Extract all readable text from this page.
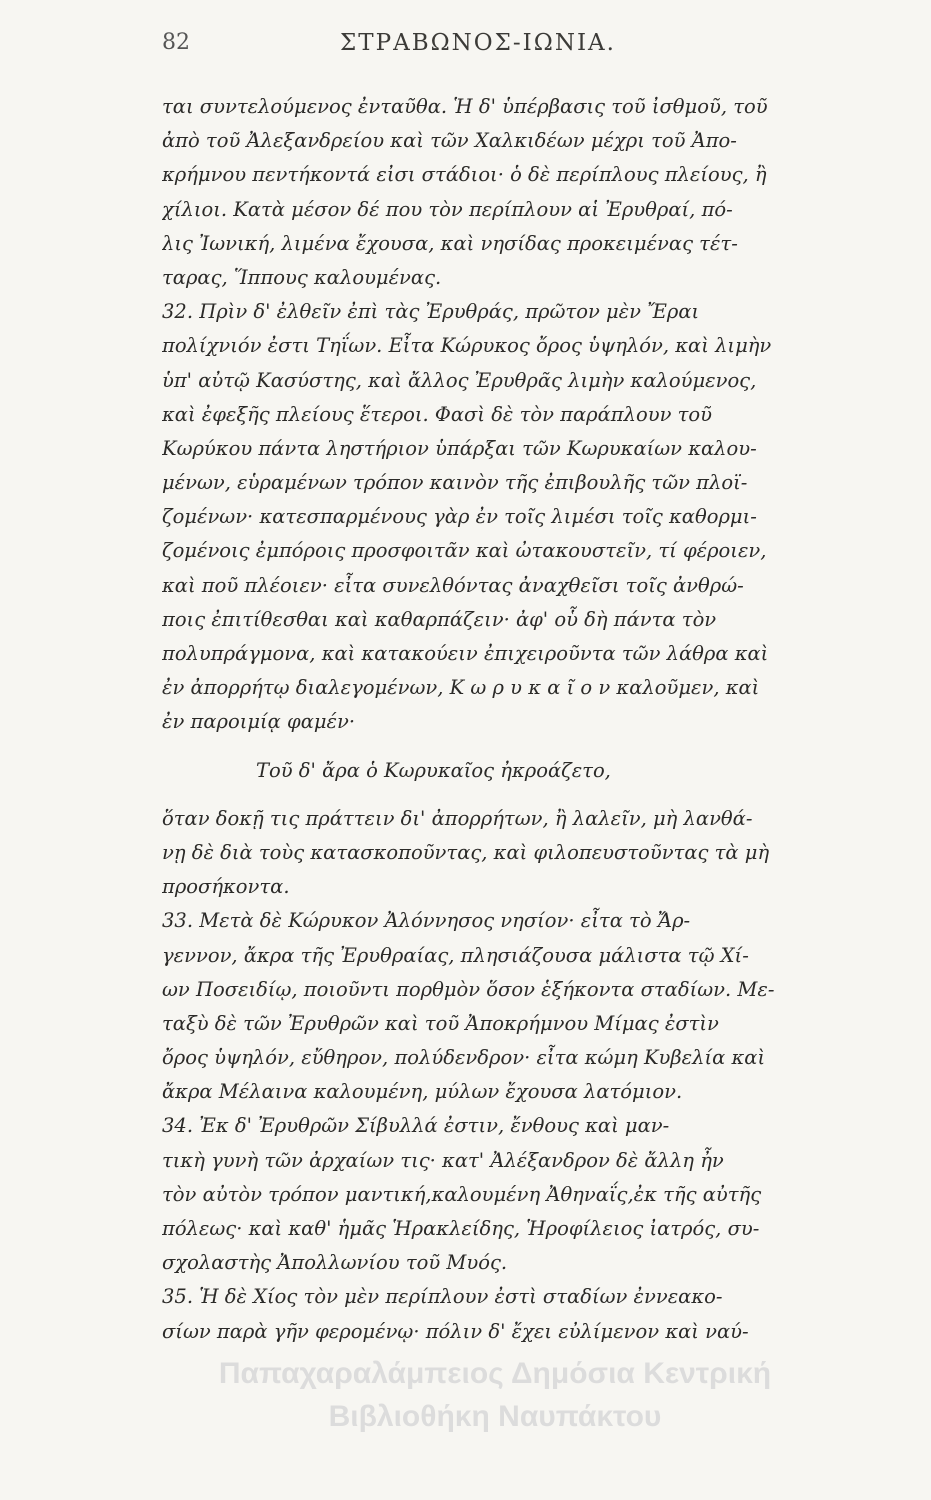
82	ΣΤΡΑΒΩΝΟΣ-ΙΩΝΙΑ.
ται συντελούμενος ἐνταῦθα. Ἡ δ' ὑπέρβασις τοῦ ἰσθμοῦ, τοῦ
ἀπὸ τοῦ Ἀλεξανδρείου καὶ τῶν Χαλκιδέων μέχρι τοῦ Ἀπο-
κρήμνου πεντήκοντά εἰσι στάδιοι· ὁ δὲ περίπλους πλείους, ἢ
χίλιοι. Κατὰ μέσον δέ που τὸν περίπλουν αἱ Ἐρυθραί, πό-
λις Ἰωνική, λιμένα ἔχουσα, καὶ νησίδας προκειμένας τέτ-
ταρας, Ἵππους καλουμένας.
32. Πρὶν δ' ἐλθεῖν ἐπὶ τὰς Ἐρυθράς, πρῶτον μὲν Ἔραι
πολίχνιόν ἐστι Τηΐων. Εἶτα Κώρυκος ὄρος ὑψηλόν, καὶ λιμὴν
ὑπ' αὐτῷ Κασύστης, καὶ ἄλλος Ἐρυθρᾶς λιμὴν καλούμενος,
καὶ ἐφεξῆς πλείους ἕτεροι. Φασὶ δὲ τὸν παράπλουν τοῦ
Κωρύκου πάντα ληστήριον ὑπάρξαι τῶν Κωρυκαίων καλου-
μένων, εὑραμένων τρόπον καινὸν τῆς ἐπιβουλῆς τῶν πλοϊ-
ζομένων· κατεσπαρμένους γὰρ ἐν τοῖς λιμέσι τοῖς καθορμι-
ζομένοις ἐμπόροις προσφοιτᾶν καὶ ὠτακουστεῖν, τί φέροιεν,
καὶ ποῦ πλέοιεν· εἶτα συνελθόντας ἀναχθεῖσι τοῖς ἀνθρώ-
ποις ἐπιτίθεσθαι καὶ καθαρπάζειν· ἀφ' οὗ δὴ πάντα τὸν
πολυπράγμονα, καὶ κατακούειν ἐπιχειροῦντα τῶν λάθρα καὶ
ἐν ἀπορρήτῳ διαλεγομένων, Κ ω ρ υ κ α ῖ ο ν καλοῦμεν, καὶ
ἐν παροιμίᾳ φαμέν·
Τοῦ δ' ἄρα ὁ Κωρυκαῖος ἠκροάζετο,
ὅταν δοκῇ τις πράττειν δι' ἀπορρήτων, ἢ λαλεῖν, μὴ λανθά-
νῃ δὲ διὰ τοὺς κατασκοποῦντας, καὶ φιλοπευστοῦντας τὰ μὴ
προσήκοντα.
33. Μετὰ δὲ Κώρυκον Ἀλόννησος νησίον· εἶτα τὸ Ἄρ-
γεννον, ἄκρα τῆς Ἐρυθραίας, πλησιάζουσα μάλιστα τῷ Χί-
ων Ποσειδίῳ, ποιοῦντι πορθμὸν ὅσον ἑξήκοντα σταδίων. Με-
ταξὺ δὲ τῶν Ἐρυθρῶν καὶ τοῦ Ἀποκρήμνου Μίμας ἐστὶν
ὄρος ὑψηλόν, εὔθηρον, πολύδενδρον· εἶτα κώμη Κυβελία καὶ
ἄκρα Μέλαινα καλουμένη, μύλων ἔχουσα λατόμιον.
34. Ἐκ δ' Ἐρυθρῶν Σίβυλλά ἐστιν, ἔνθους καὶ μαν-
τικὴ γυνὴ τῶν ἀρχαίων τις· κατ' Ἀλέξανδρον δὲ ἄλλη ἦν
τὸν αὐτὸν τρόπον μαντική,καλουμένη Ἀθηναΐς,ἐκ τῆς αὐτῆς
πόλεως· καὶ καθ' ἡμᾶς Ἡρακλείδης, Ἡροφίλειος ἰατρός, συ-
σχολαστὴς Ἀπολλωνίου τοῦ Μυός.
35. Ἡ δὲ Χίος τὸν μὲν περίπλουν ἐστὶ σταδίων ἐννεακο-
σίων παρὰ γῆν φερομένῳ· πόλιν δ' ἔχει εὐλίμενον καὶ ναύ-
Παπαχαραλάμπειος Δημόσια Κεντρική
Βιβλιοθήκη Ναυπάκτου
